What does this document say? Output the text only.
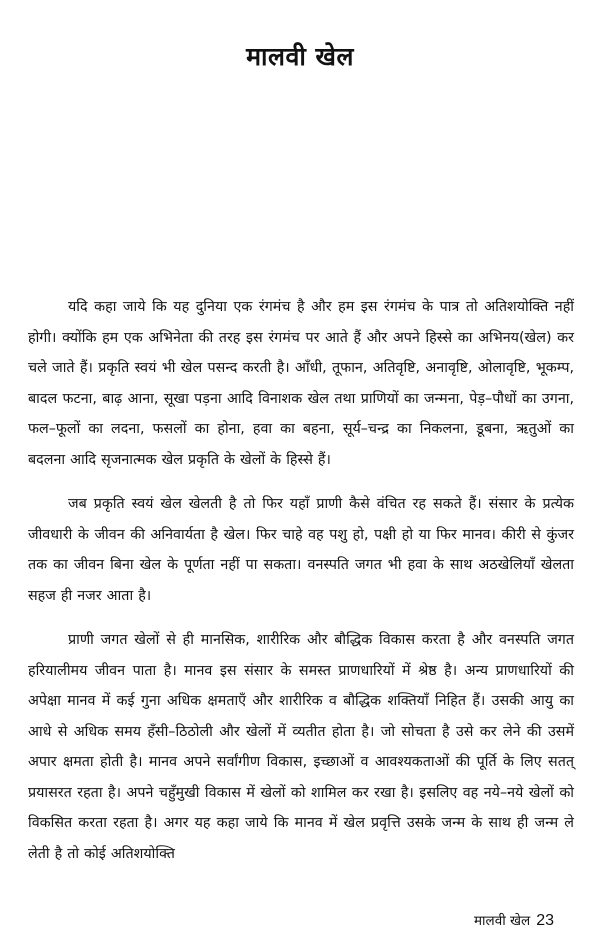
मालवी खेल

यदि कहा जाये कि यह दुनिया एक रंगमंच है और हम इस रंगमंच के पात्र तो अतिशयोक्ति नहीं होगी। क्योंकि हम एक अभिनेता की तरह इस रंगमंच पर आते हैं और अपने हिस्से का अभिनय(खेल) कर चले जाते हैं। प्रकृति स्वयं भी खेल पसन्द करती है। आँधी, तूफान, अतिवृष्टि, अनावृष्टि, ओलावृष्टि, भूकम्प, बादल फटना, बाढ़ आना, सूखा पड़ना आदि विनाशक खेल तथा प्राणियों का जन्मना, पेड़–पौधों का उगना, फल–फूलों का लदना, फसलों का होना, हवा का बहना, सूर्य–चन्द्र का निकलना, डूबना, ऋतुओं का बदलना आदि सृजनात्मक खेल प्रकृति के खेलों के हिस्से हैं।

जब प्रकृति स्वयं खेल खेलती है तो फिर यहाँ प्राणी कैसे वंचित रह सकते हैं। संसार के प्रत्येक जीवधारी के जीवन की अनिवार्यता है खेल। फिर चाहे वह पशु हो, पक्षी हो या फिर मानव। कीरी से कुंजर तक का जीवन बिना खेल के पूर्णता नहीं पा सकता। वनस्पति जगत भी हवा के साथ अठखेलियाँ खेलता सहज ही नजर आता है।

प्राणी जगत खेलों से ही मानसिक, शारीरिक और बौद्धिक विकास करता है और वनस्पति जगत हरियालीमय जीवन पाता है। मानव इस संसार के समस्त प्राणधारियों में श्रेष्ठ है। अन्य प्राणधारियों की अपेक्षा मानव में कई गुना अधिक क्षमताएँ और शारीरिक व बौद्धिक शक्तियाँ निहित हैं। उसकी आयु का आधे से अधिक समय हँसी–ठिठोली और खेलों में व्यतीत होता है। जो सोचता है उसे कर लेने की उसमें अपार क्षमता होती है। मानव अपने सर्वांगीण विकास, इच्छाओं व आवश्यकताओं की पूर्ति के लिए सतत् प्रयासरत रहता है। अपने चहुँमुखी विकास में खेलों को शामिल कर रखा है। इसलिए वह नये–नये खेलों को विकसित करता रहता है। अगर यह कहा जाये कि मानव में खेल प्रवृत्ति उसके जन्म के साथ ही जन्म ले लेती है तो कोई अतिशयोक्ति

मालवी खेल 23
